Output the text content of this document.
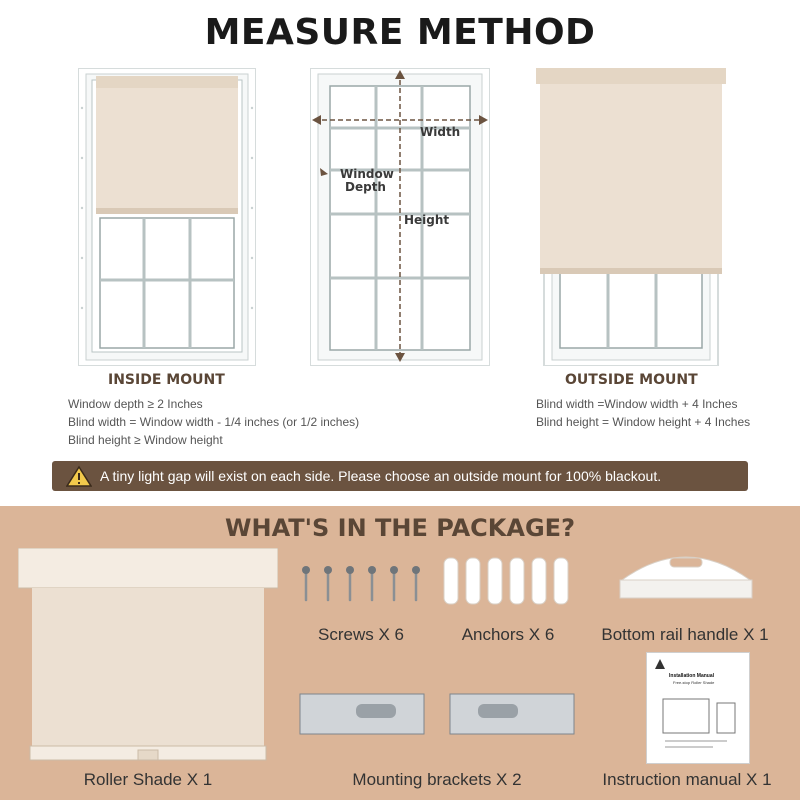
MEASURE METHOD
Width
Window
Depth
Height
INSIDE MOUNT
Window depth ≥ 2 Inches
Blind width = Window width - 1/4 inches (or 1/2 inches)
Blind height ≥ Window height
OUTSIDE MOUNT
Blind width =Window width + 4 Inches
Blind height = Window height + 4 Inches
A tiny light gap will exist on each side. Please choose an outside mount for 100% blackout.
WHAT'S IN THE PACKAGE?
Roller Shade X 1
Screws X 6	Anchors X 6	Bottom rail handle X 1
Mounting brackets X 2
Installation Manual
Free-stop Roller Shade
Instruction manual X 1
